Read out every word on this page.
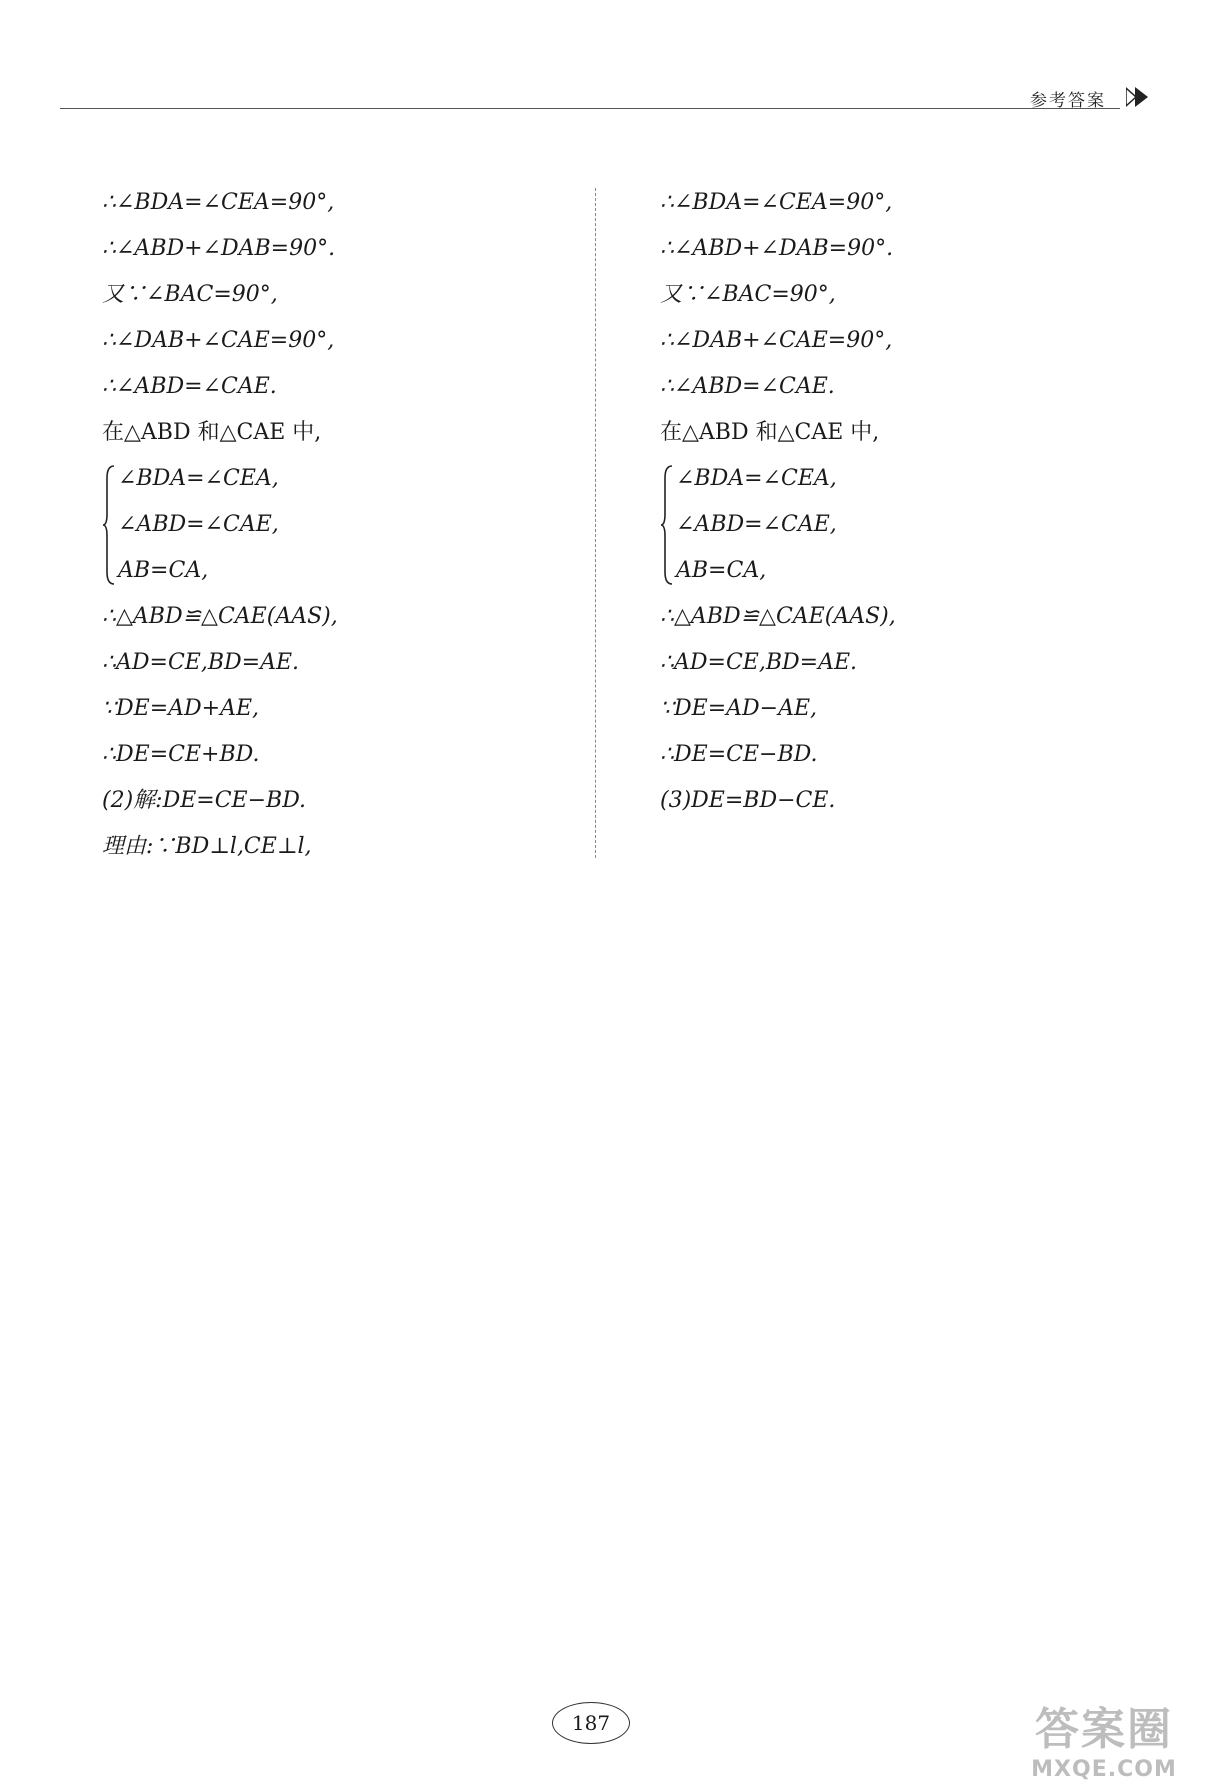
参考答案
∴∠BDA=∠CEA=90°,
∴∠ABD+∠DAB=90°.
又∵∠BAC=90°,
∴∠DAB+∠CAE=90°,
∴∠ABD=∠CAE.
在△ABD 和△CAE 中,
∠BDA=∠CEA,
∠ABD=∠CAE,
AB=CA,
∴△ABD≌△CAE(AAS),
∴AD=CE,BD=AE.
∵DE=AD+AE,
∴DE=CE+BD.
(2)解:DE=CE−BD.
理由:∵BD⊥l,CE⊥l,
∴∠BDA=∠CEA=90°,
∴∠ABD+∠DAB=90°.
又∵∠BAC=90°,
∴∠DAB+∠CAE=90°,
∴∠ABD=∠CAE.
在△ABD 和△CAE 中,
∠BDA=∠CEA,
∠ABD=∠CAE,
AB=CA,
∴△ABD≌△CAE(AAS),
∴AD=CE,BD=AE.
∵DE=AD−AE,
∴DE=CE−BD.
(3)DE=BD−CE.
187	答案圈
MXQE.COM
